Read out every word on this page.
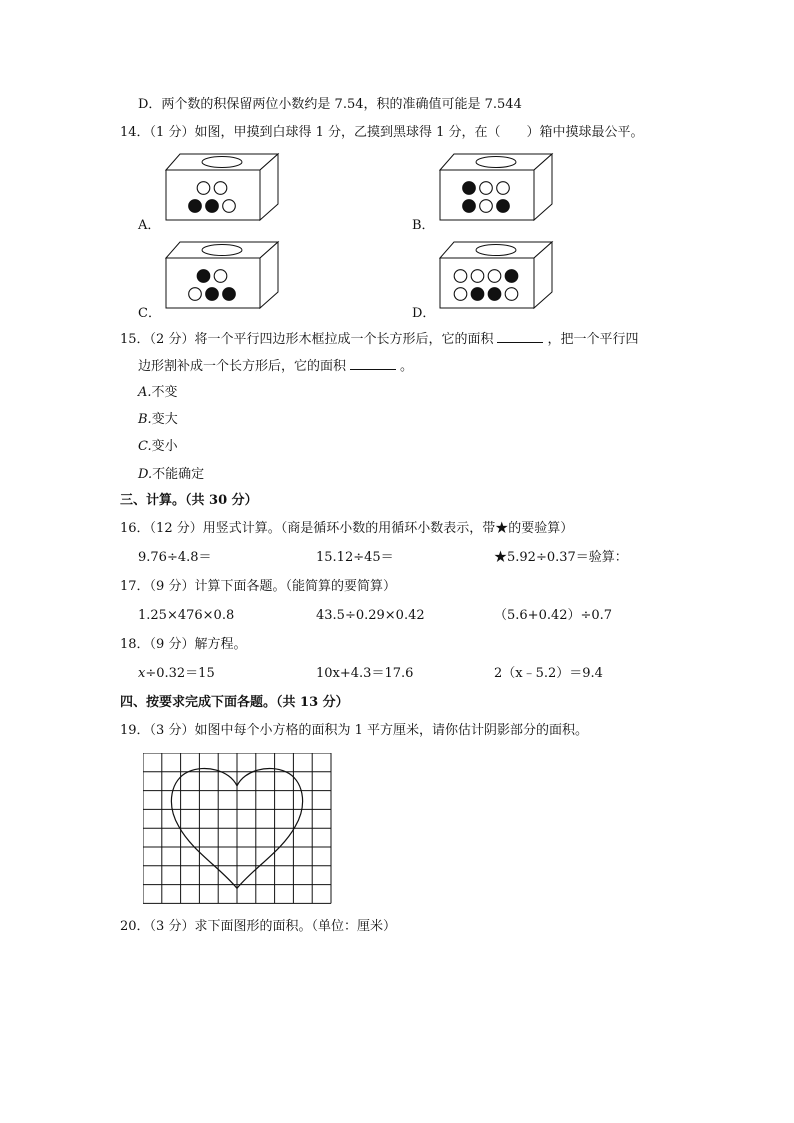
D．两个数的积保留两位小数约是 7.54，积的准确值可能是 7.544
14．（1 分）如图，甲摸到白球得 1 分，乙摸到黑球得 1 分，在（ ）箱中摸球最公平。
A．	B．
C．	D．
15．（2 分）将一个平行四边形木框拉成一个长方形后，它的面积	，把一个平行四
边形割补成一个长方形后，它的面积	。
A.不变
B.变大
C.变小
D.不能确定
三、计算。（共 30 分）
16．（12 分）用竖式计算。（商是循环小数的用循环小数表示，带★的要验算）
9.76÷4.8＝	15.12÷45＝	★5.92÷0.37＝验算：
17．（9 分）计算下面各题。（能简算的要简算）
1.25×476×0.8	43.5÷0.29×0.42	（5.6+0.42）÷0.7
18．（9 分）解方程。
x÷0.32＝15	10x+4.3＝17.6	2（x﹣5.2）＝9.4
四、按要求完成下面各题。（共 13 分）
19．（3 分）如图中每个小方格的面积为 1 平方厘米，请你估计阴影部分的面积。
20．（3 分）求下面图形的面积。（单位：厘米）
